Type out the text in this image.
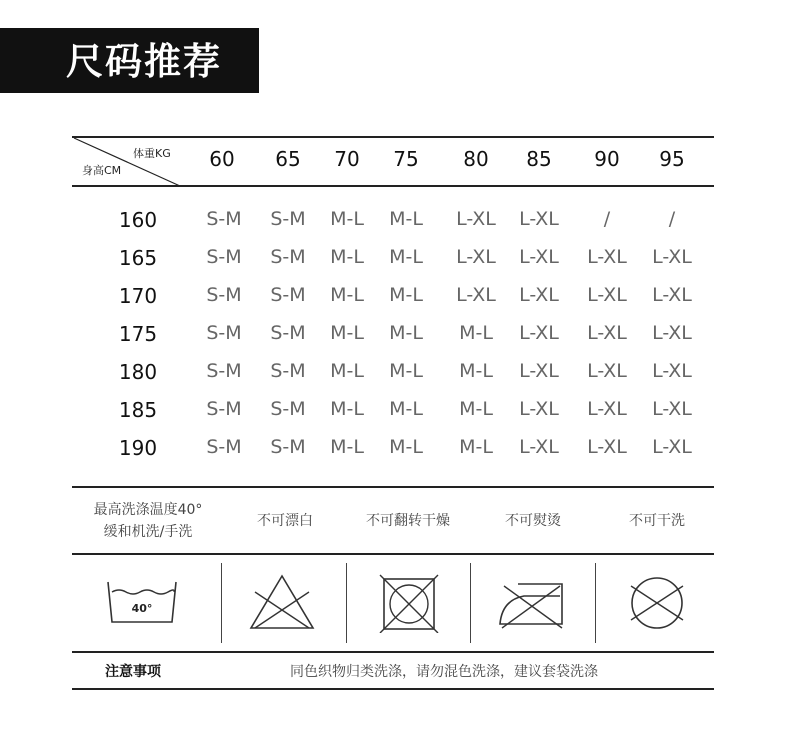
尺码推荐
体重KG
身高CM	60	65	70	75	80	85	90	95
160	S-M	S-M	M-L	M-L	L-XL	L-XL	/	/
165	S-M	S-M	M-L	M-L	L-XL	L-XL	L-XL	L-XL
170	S-M	S-M	M-L	M-L	L-XL	L-XL	L-XL	L-XL
175	S-M	S-M	M-L	M-L	M-L	L-XL	L-XL	L-XL
180	S-M	S-M	M-L	M-L	M-L	L-XL	L-XL	L-XL
185	S-M	S-M	M-L	M-L	M-L	L-XL	L-XL	L-XL
190	S-M	S-M	M-L	M-L	M-L	L-XL	L-XL	L-XL
最高洗涤温度40°
缓和机洗/手洗
不可漂白	不可翻转干燥	不可熨烫	不可干洗
40°
注意事项	同色织物归类洗涤，请勿混色洗涤，建议套袋洗涤
